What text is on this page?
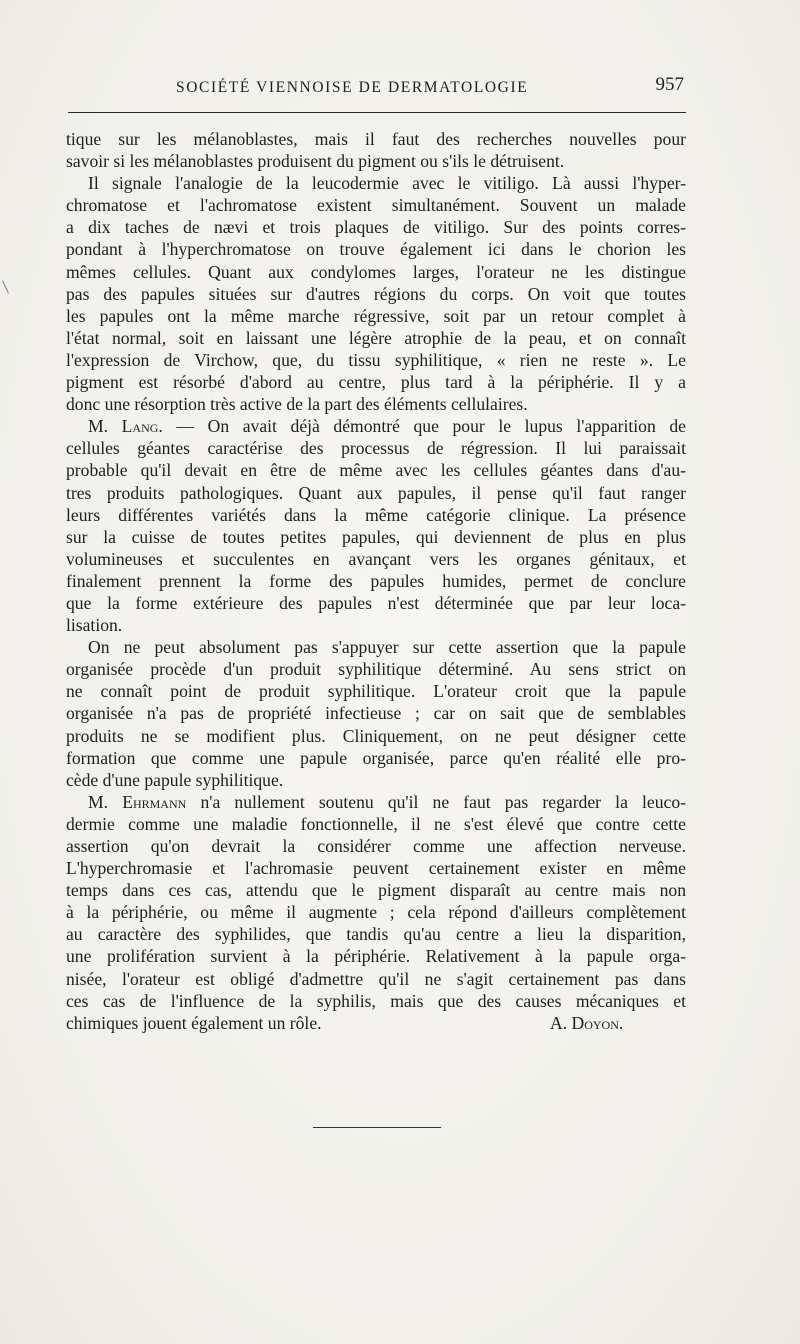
SOCIÉTÉ VIENNOISE DE DERMATOLOGIE	957
tique sur les mélanoblastes, mais il faut des recherches nouvelles pour
savoir si les mélanoblastes produisent du pigment ou s'ils le détruisent.
Il signale l'analogie de la leucodermie avec le vitiligo. Là aussi l'hyper-
chromatose et l'achromatose existent simultanément. Souvent un malade
a dix taches de nævi et trois plaques de vitiligo. Sur des points corres-
pondant à l'hyperchromatose on trouve également ici dans le chorion les
mêmes cellules. Quant aux condylomes larges, l'orateur ne les distingue
pas des papules situées sur d'autres régions du corps. On voit que toutes
les papules ont la même marche régressive, soit par un retour complet à
l'état normal, soit en laissant une légère atrophie de la peau, et on connaît
l'expression de Virchow, que, du tissu syphilitique, « rien ne reste ». Le
pigment est résorbé d'abord au centre, plus tard à la périphérie. Il y a
donc une résorption très active de la part des éléments cellulaires.
M. Lang. — On avait déjà démontré que pour le lupus l'apparition de
cellules géantes caractérise des processus de régression. Il lui paraissait
probable qu'il devait en être de même avec les cellules géantes dans d'au-
tres produits pathologiques. Quant aux papules, il pense qu'il faut ranger
leurs différentes variétés dans la même catégorie clinique. La présence
sur la cuisse de toutes petites papules, qui deviennent de plus en plus
volumineuses et succulentes en avançant vers les organes génitaux, et
finalement prennent la forme des papules humides, permet de conclure
que la forme extérieure des papules n'est déterminée que par leur loca-
lisation.
On ne peut absolument pas s'appuyer sur cette assertion que la papule
organisée procède d'un produit syphilitique déterminé. Au sens strict on
ne connaît point de produit syphilitique. L'orateur croit que la papule
organisée n'a pas de propriété infectieuse ; car on sait que de semblables
produits ne se modifient plus. Cliniquement, on ne peut désigner cette
formation que comme une papule organisée, parce qu'en réalité elle pro-
cède d'une papule syphilitique.
M. Ehrmann n'a nullement soutenu qu'il ne faut pas regarder la leuco-
dermie comme une maladie fonctionnelle, il ne s'est élevé que contre cette
assertion qu'on devrait la considérer comme une affection nerveuse.
L'hyperchromasie et l'achromasie peuvent certainement exister en même
temps dans ces cas, attendu que le pigment disparaît au centre mais non
à la périphérie, ou même il augmente ; cela répond d'ailleurs complètement
au caractère des syphilides, que tandis qu'au centre a lieu la disparition,
une prolifération survient à la périphérie. Relativement à la papule orga-
nisée, l'orateur est obligé d'admettre qu'il ne s'agit certainement pas dans
ces cas de l'influence de la syphilis, mais que des causes mécaniques et
chimiques jouent également un rôle.	A. Doyon.
